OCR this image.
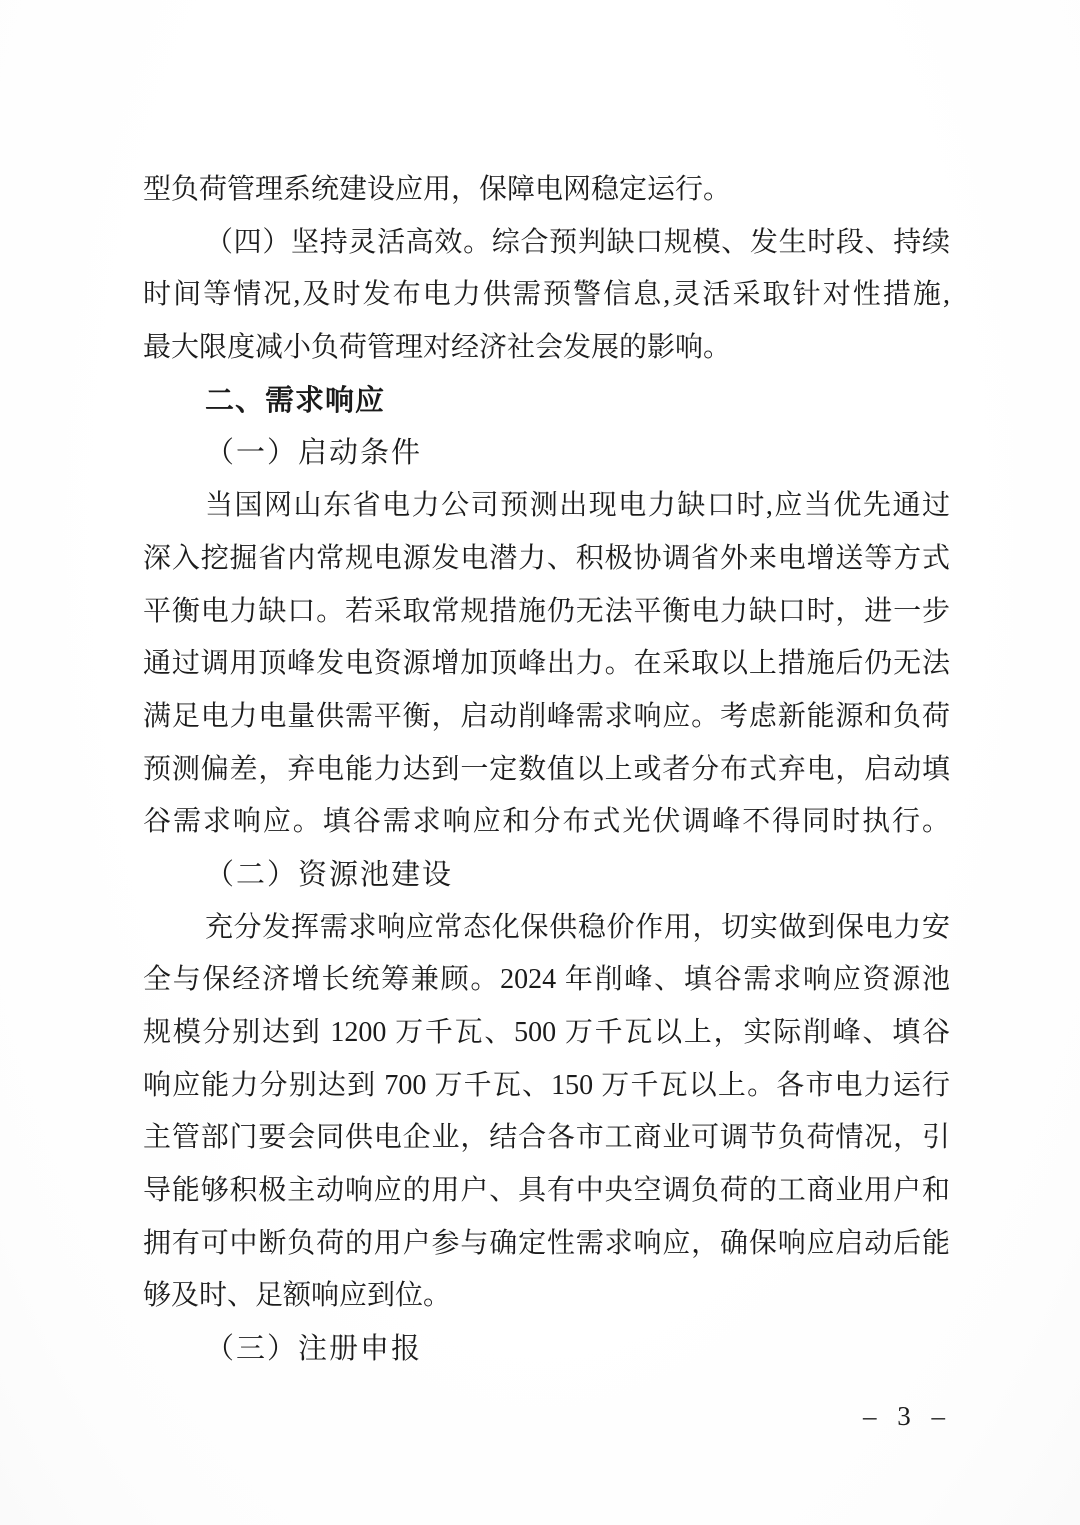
型负荷管理系统建设应用，保障电网稳定运行。
（四）坚持灵活高效。综合预判缺口规模、发生时段、持续
时间等情况,及时发布电力供需预警信息,灵活采取针对性措施,
最大限度减小负荷管理对经济社会发展的影响。
二、需求响应
（一）启动条件
当国网山东省电力公司预测出现电力缺口时,应当优先通过
深入挖掘省内常规电源发电潜力、积极协调省外来电增送等方式
平衡电力缺口。若采取常规措施仍无法平衡电力缺口时，进一步
通过调用顶峰发电资源增加顶峰出力。在采取以上措施后仍无法
满足电力电量供需平衡，启动削峰需求响应。考虑新能源和负荷
预测偏差，弃电能力达到一定数值以上或者分布式弃电，启动填
谷需求响应。填谷需求响应和分布式光伏调峰不得同时执行。
（二）资源池建设
充分发挥需求响应常态化保供稳价作用，切实做到保电力安
全与保经济增长统筹兼顾。2024 年削峰、填谷需求响应资源池
规模分别达到 1200 万千瓦、500 万千瓦以上，实际削峰、填谷
响应能力分别达到 700 万千瓦、150 万千瓦以上。各市电力运行
主管部门要会同供电企业，结合各市工商业可调节负荷情况，引
导能够积极主动响应的用户、具有中央空调负荷的工商业用户和
拥有可中断负荷的用户参与确定性需求响应，确保响应启动后能
够及时、足额响应到位。
（三）注册申报
– 3 –
